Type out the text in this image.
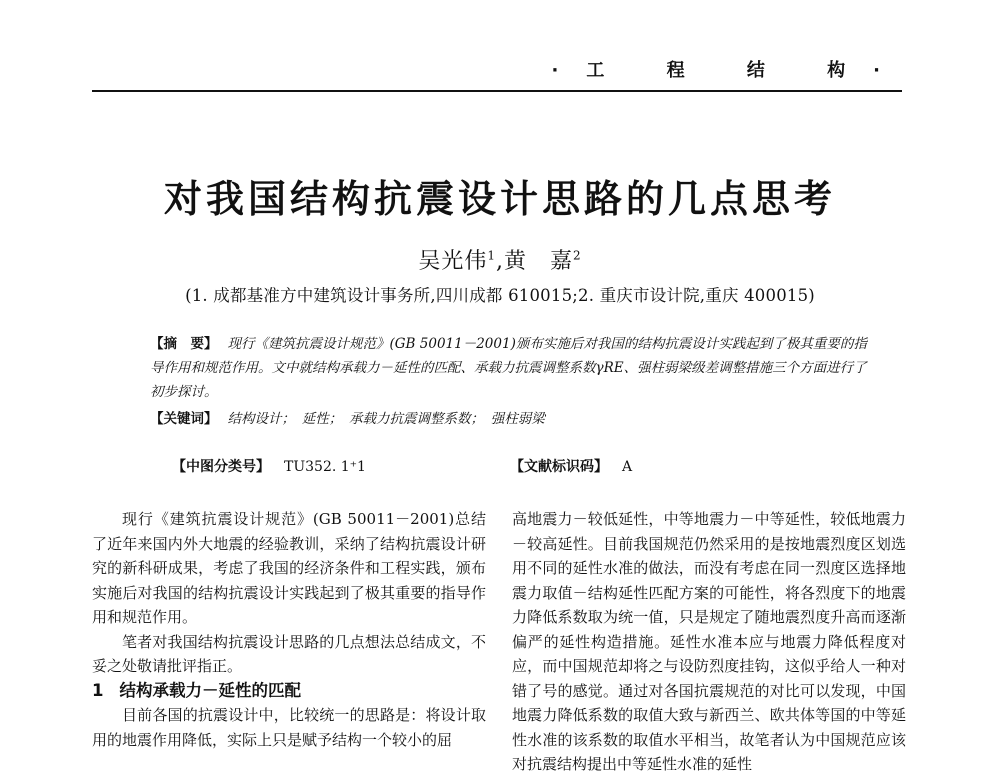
·工 程 结 构·
对我国结构抗震设计思路的几点思考
吴光伟$^1$,黄　嘉$^2$
(1. 成都基准方中建筑设计事务所,四川成都 610015;2. 重庆市设计院,重庆 400015)
【摘　要】 现行《建筑抗震设计规范》(GB 50011－2001)颁布实施后对我国的结构抗震设计实践起到了极其重要的指导作用和规范作用。文中就结构承载力－延性的匹配、承载力抗震调整系数γRE、强柱弱梁级差调整措施三个方面进行了初步探讨。
【关键词】 结构设计；　延性；　承载力抗震调整系数；　强柱弱梁
【中图分类号】 TU352. 1⁺1	【文献标识码】 A

现行《建筑抗震设计规范》(GB 50011－2001)总结了近年来国内外大地震的经验教训，采纳了结构抗震设计研究的新科研成果，考虑了我国的经济条件和工程实践，颁布实施后对我国的结构抗震设计实践起到了极其重要的指导作用和规范作用。

笔者对我国结构抗震设计思路的几点想法总结成文，不妥之处敬请批评指正。

1 结构承载力－延性的匹配

目前各国的抗震设计中，比较统一的思路是：将设计取用的地震作用降低，实际上只是赋予结构一个较小的屈

高地震力－较低延性，中等地震力－中等延性，较低地震力－较高延性。目前我国规范仍然采用的是按地震烈度区划选用不同的延性水准的做法，而没有考虑在同一烈度区选择地震力取值－结构延性匹配方案的可能性，将各烈度下的地震力降低系数取为统一值，只是规定了随地震烈度升高而逐渐偏严的延性构造措施。延性水准本应与地震力降低程度对应，而中国规范却将之与设防烈度挂钩，这似乎给人一种对错了号的感觉。通过对各国抗震规范的对比可以发现，中国地震力降低系数的取值大致与新西兰、欧共体等国的中等延性水准的该系数的取值水平相当，故笔者认为中国规范应该对抗震结构提出中等延性水准的延性
